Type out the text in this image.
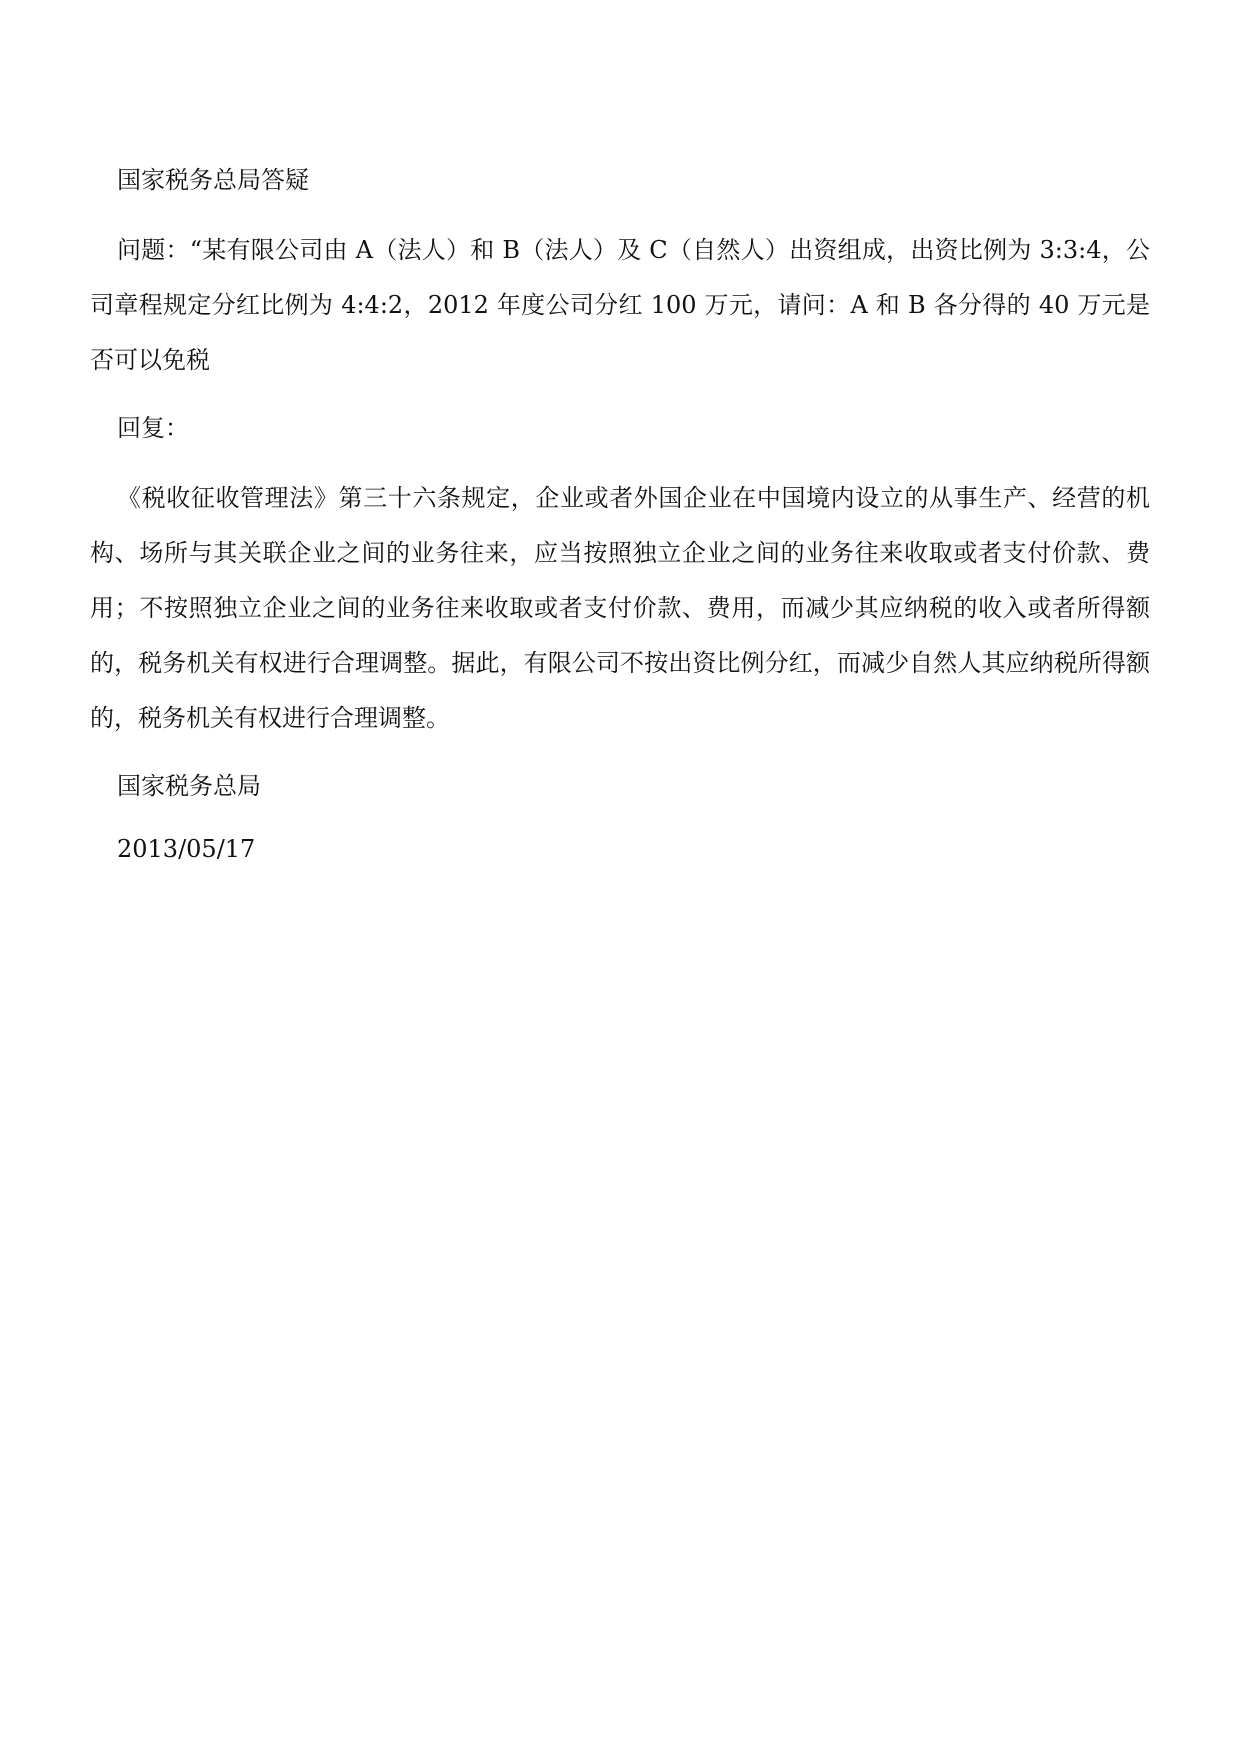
国家税务总局答疑

问题：“某有限公司由 A（法人）和 B（法人）及 C（自然人）出资组成，出资比例为 3:3:4，公司章程规定分红比例为 4:4:2，2012 年度公司分红 100 万元，请问：A 和 B 各分得的 40 万元是否可以免税

回复：

《税收征收管理法》第三十六条规定，企业或者外国企业在中国境内设立的从事生产、经营的机构、场所与其关联企业之间的业务往来，应当按照独立企业之间的业务往来收取或者支付价款、费用；不按照独立企业之间的业务往来收取或者支付价款、费用，而减少其应纳税的收入或者所得额的，税务机关有权进行合理调整。据此，有限公司不按出资比例分红，而减少自然人其应纳税所得额的，税务机关有权进行合理调整。

国家税务总局

2013/05/17
